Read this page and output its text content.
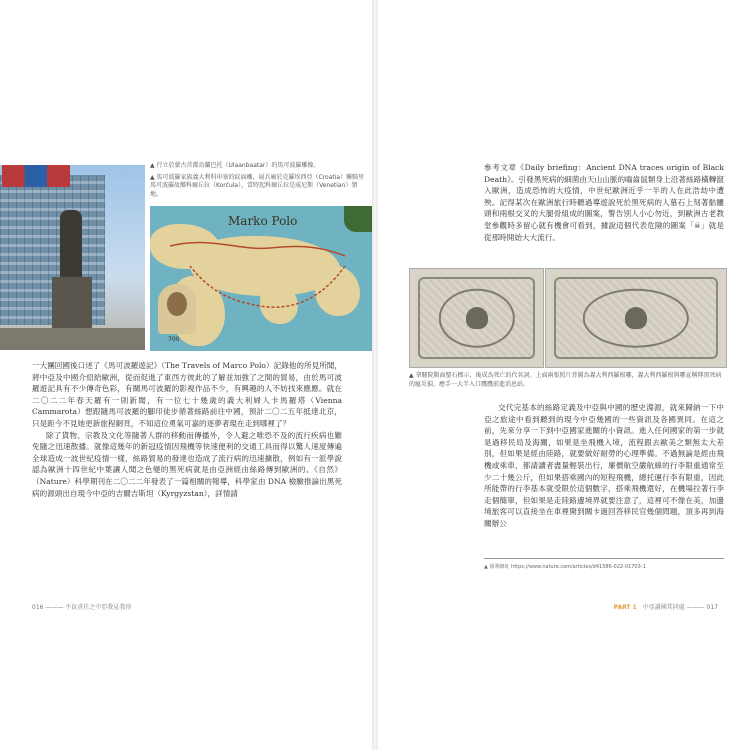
▲ 行立於蒙古首都烏蘭巴托（Ulaanbaatar）的馬可波羅雕像。

▲ 馬可波羅家族義大利科申塞的紋面雕，展兵廟於克羅埃西亞（Croatia）聯騎里馬可波羅故鄉科爾丘拉（Korčula），當時起科爾丘拉是威尼斯（Venetian）領地。

Marko Polo
700

一大團回國後口述了《馬可波羅遊記》（The Travels of Marco Polo）記錄他的所見所聞，將中亞及中國介紹給歐洲，從而促進了東西方彼此的了解並加強了之間的貿易，由於馬可波羅遊記具有不少傳奇色彩，有關馬可波羅的影視作品不少，有興趣的人不妨找來應應。就在二〇二二年春天羅有一則新聞，有一位七十幾歲的義大利婦人卡馬羅塔（Vienna Cammarota）想跟隨馬可波羅的腳印徒步循著絲路前往中國，預計二〇二五年抵達北京，只是距今不見她更新旅程網頁，不知這位勇氣可嘉的逐夢者現在走到哪裡了？

除了貨物、宗教及文化等隨著人群的移動而傳播外，令人避之唯恐不及的流行疾病也難免隨之迅速散播。就像這幾年的新冠疫情因飛機等快速便利的交通工具而得以驚人速度傳遍全球造成一波世紀疫情一樣，絲路貿易的發達也造成了流行病的迅速擴散，例如有一派學說認為歐洲十四世紀中葉讓人聞之色變的黑死病就是由亞洲經由絲路傳到歐洲的。《自然》（Nature）科學期刊在二〇二二年發表了一篇相關的報導，科學家由 DNA 檢驗推論出黑死病的源頭出自現今中亞的吉爾吉斯坦（Kyrgyzstan），詳情請

016 ——— 不負責任之中亞我見我得

參考文章《Daily briefing：Ancient DNA traces origin of Black Death》。引發黑死病的細菌由天山山脈的嚙齒鼠類身上沿著絲路橫轉竄入歐洲，造成恐怖的大疫情，中世紀歐洲近乎一半的人在此浩劫中遭殃。記得某次在歐洲旅行時聽過導遊說死於黑死病的人墓石上刻著骷髏頭和兩根交叉的大腿骨組成的圖案，警告別人小心勿近，到歐洲古老教堂參觀時多留心就有機會可看到，據說這個代表危險的圖案「☠」就是從那時開始大大流行。

▲ 拿騷院類面聖石標示，後成為死亡的代名詞。上面兩張照片背圖為義大利西羅根哪，義大利西羅根與哪宣稱傳黑死病的瘟災損，應手一大半入口鷹鷹前進消息站。

交代完基本的絲路定義及中亞與中國的歷史淵源，就來歸納一下中亞之旅途中看到聽到的現今中亞幾國的一些資訊及各國異同。在這之前，先來分享一下到中亞國家進關的小資訊。進入任何國家的第一步就是過移民局及海關，如果是坐飛機入境，流程跟去歐美之類無太大差別，但如果是經由陸路，就要做好耐勞的心理準備。不過無論是經由飛機或乘車，都請讀者盡量輕裝出行，廉價航空嚴航線的行李限重通常至少二十幾公斤，但如果搭乘國內的短程飛機，總托運行李有限重，因此所能帶的行李基本就受限於這個數字，搭乘飛機還好，在機場拉著行李走個簡單，但如果是走陸路邊境界就要注意了，這裡可不像在美，加邊境旅客可以直接坐在車裡開到關卡過回答移民官幾個問題，頂多再到海關辦公

▲ 報導網址 https://www.nature.com/articles/d41586-022-01703-1
PART 1 中亞讀國其同處 ——— 017
